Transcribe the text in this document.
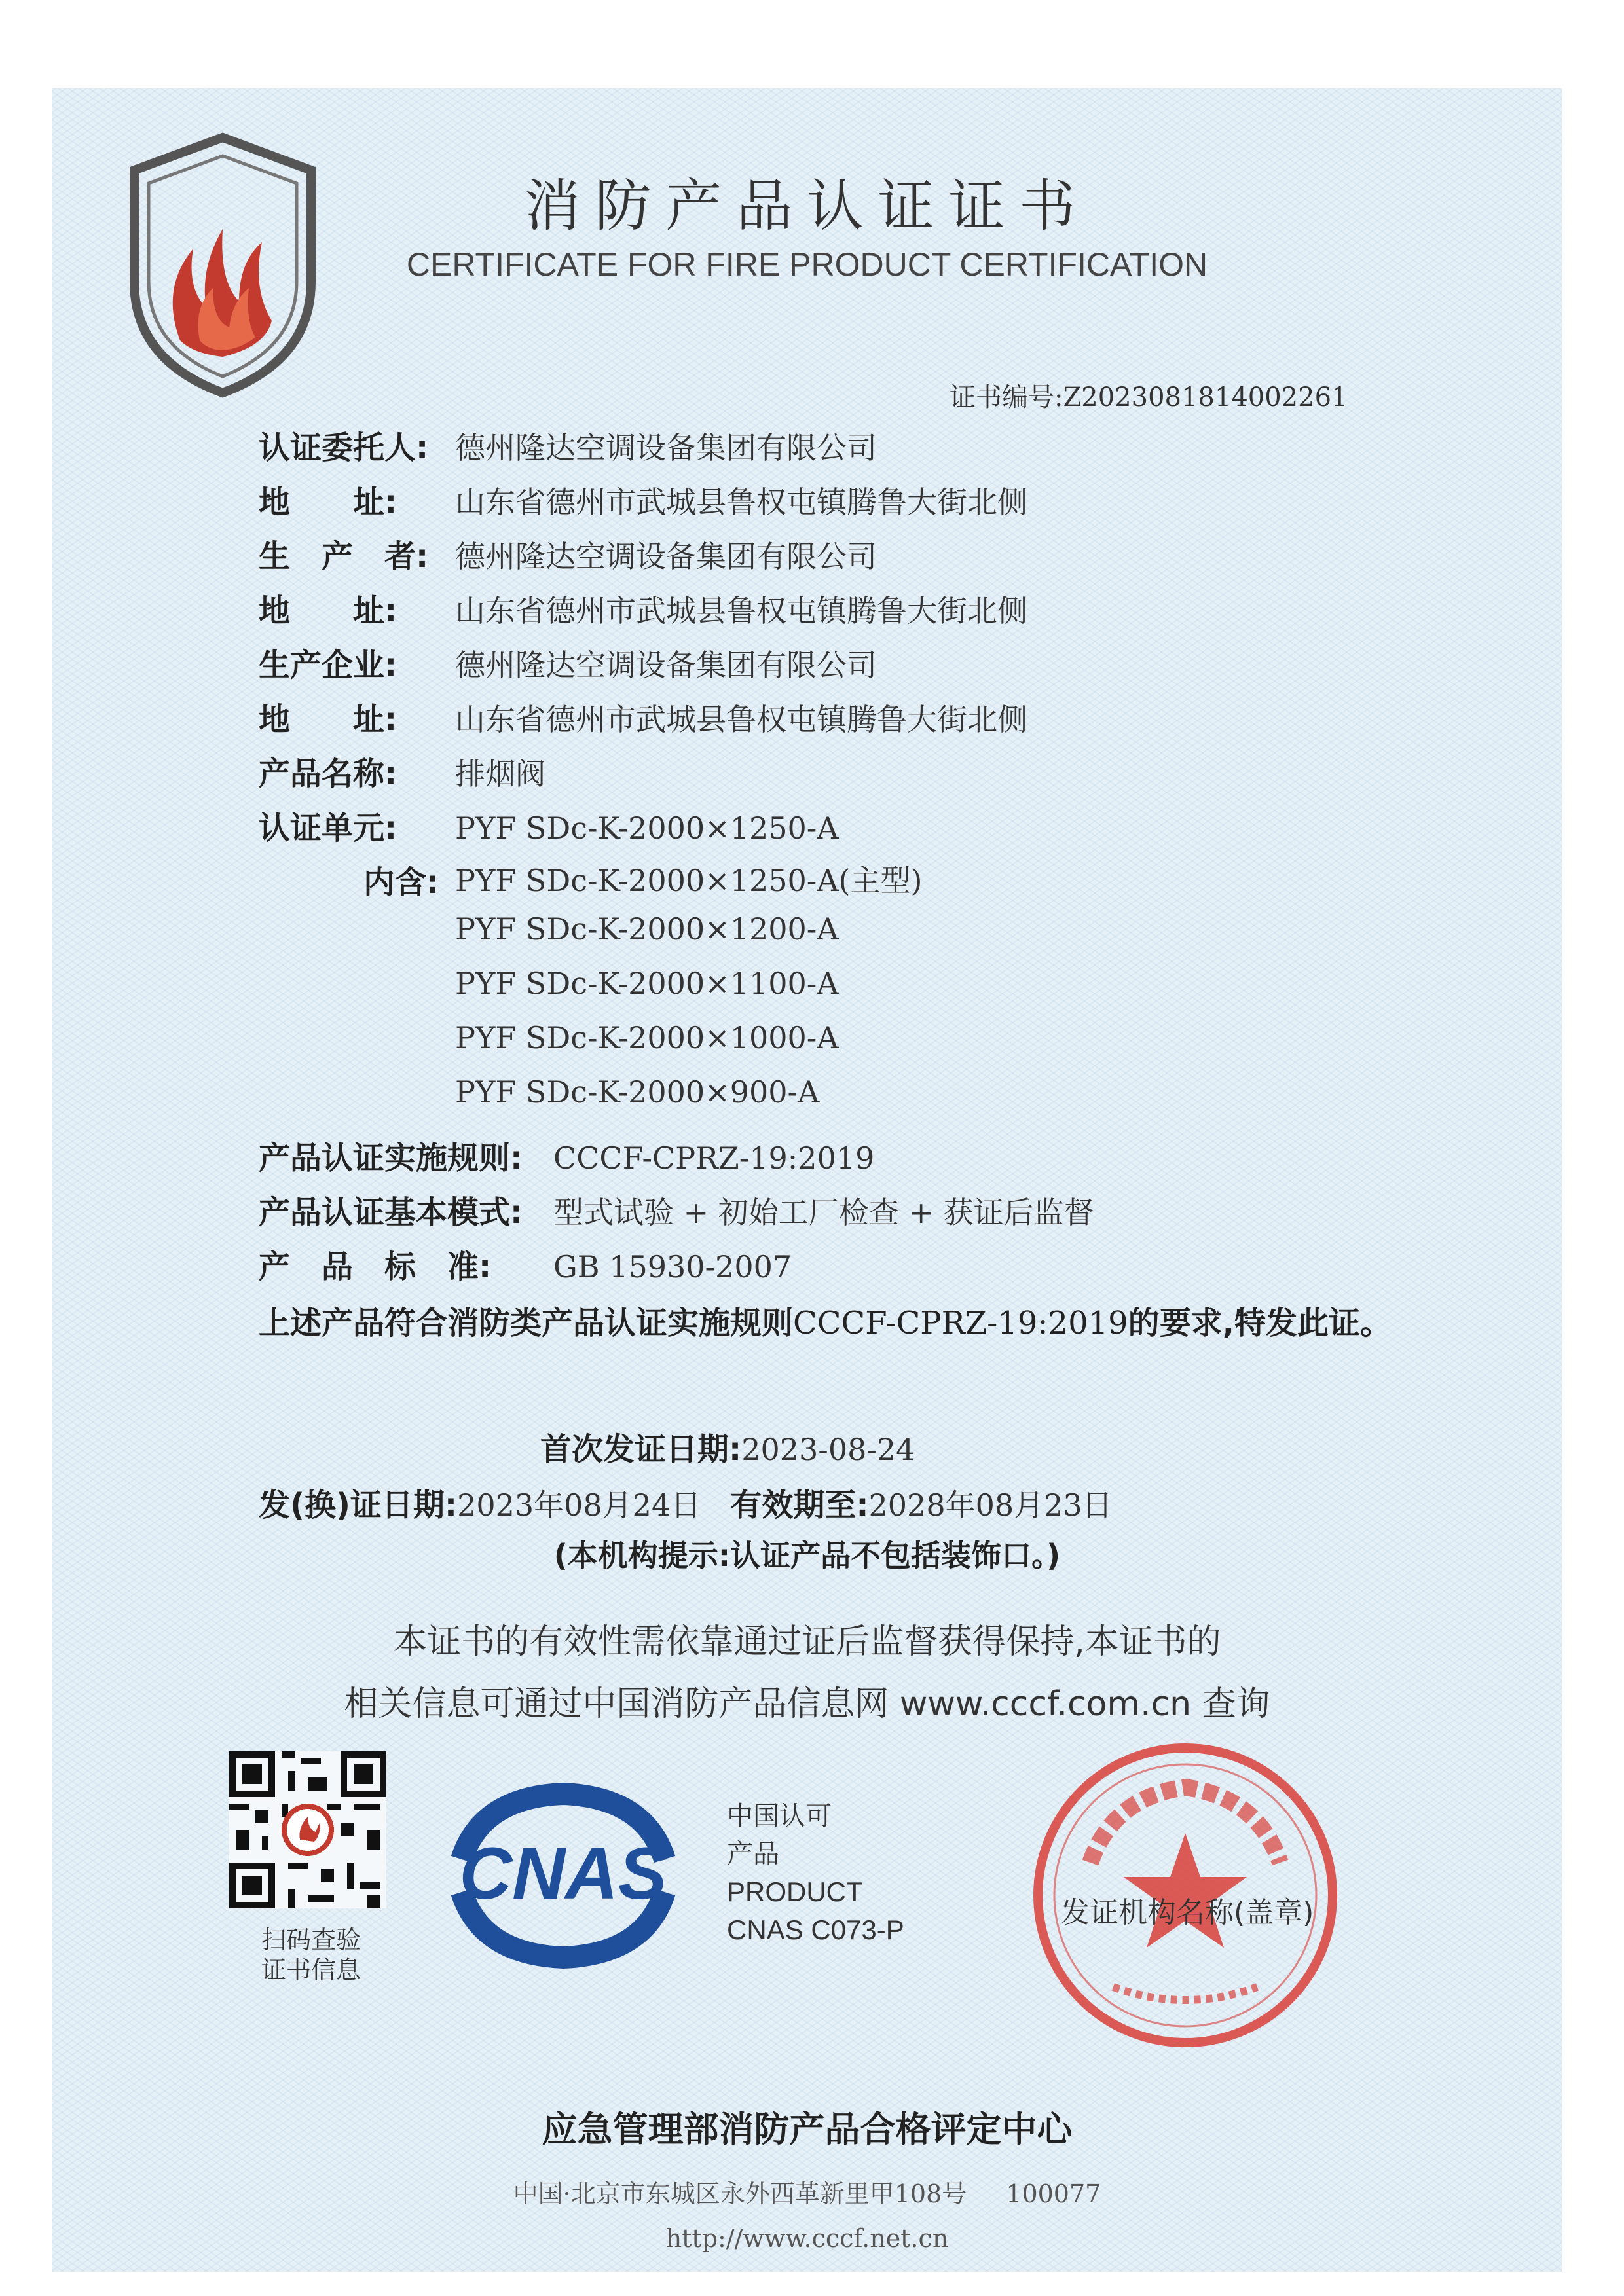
消防产品认证证书
CERTIFICATE FOR FIRE PRODUCT CERTIFICATION
证书编号:Z2023081814002261
认证委托人: 德州隆达空调设备集团有限公司
地　　址: 山东省德州市武城县鲁权屯镇腾鲁大街北侧
生　产　者: 德州隆达空调设备集团有限公司
地　　址: 山东省德州市武城县鲁权屯镇腾鲁大街北侧
生产企业: 德州隆达空调设备集团有限公司
地　　址: 山东省德州市武城县鲁权屯镇腾鲁大街北侧
产品名称: 排烟阀
认证单元: PYF SDc-K-2000×1250-A
内含: PYF SDc-K-2000×1250-A(主型)
PYF SDc-K-2000×1200-A
PYF SDc-K-2000×1100-A
PYF SDc-K-2000×1000-A
PYF SDc-K-2000×900-A
产品认证实施规则: CCCF-CPRZ-19:2019
产品认证基本模式: 型式试验 + 初始工厂检查 + 获证后监督
产　品　标　准: GB 15930-2007
上述产品符合消防类产品认证实施规则CCCF-CPRZ-19:2019的要求,特发此证。
首次发证日期:2023-08-24
发(换)证日期:2023年08月24日 有效期至:2028年08月23日
(本机构提示:认证产品不包括装饰口。)
本证书的有效性需依靠通过证后监督获得保持,本证书的
相关信息可通过中国消防产品信息网 www.cccf.com.cn 查询
扫码查验
证书信息
CNAS
中国认可
产品
PRODUCT
CNAS C073-P
发证机构名称(盖章)
应急管理部消防产品合格评定中心
中国·北京市东城区永外西革新里甲108号 100077
http://www.cccf.net.cn
